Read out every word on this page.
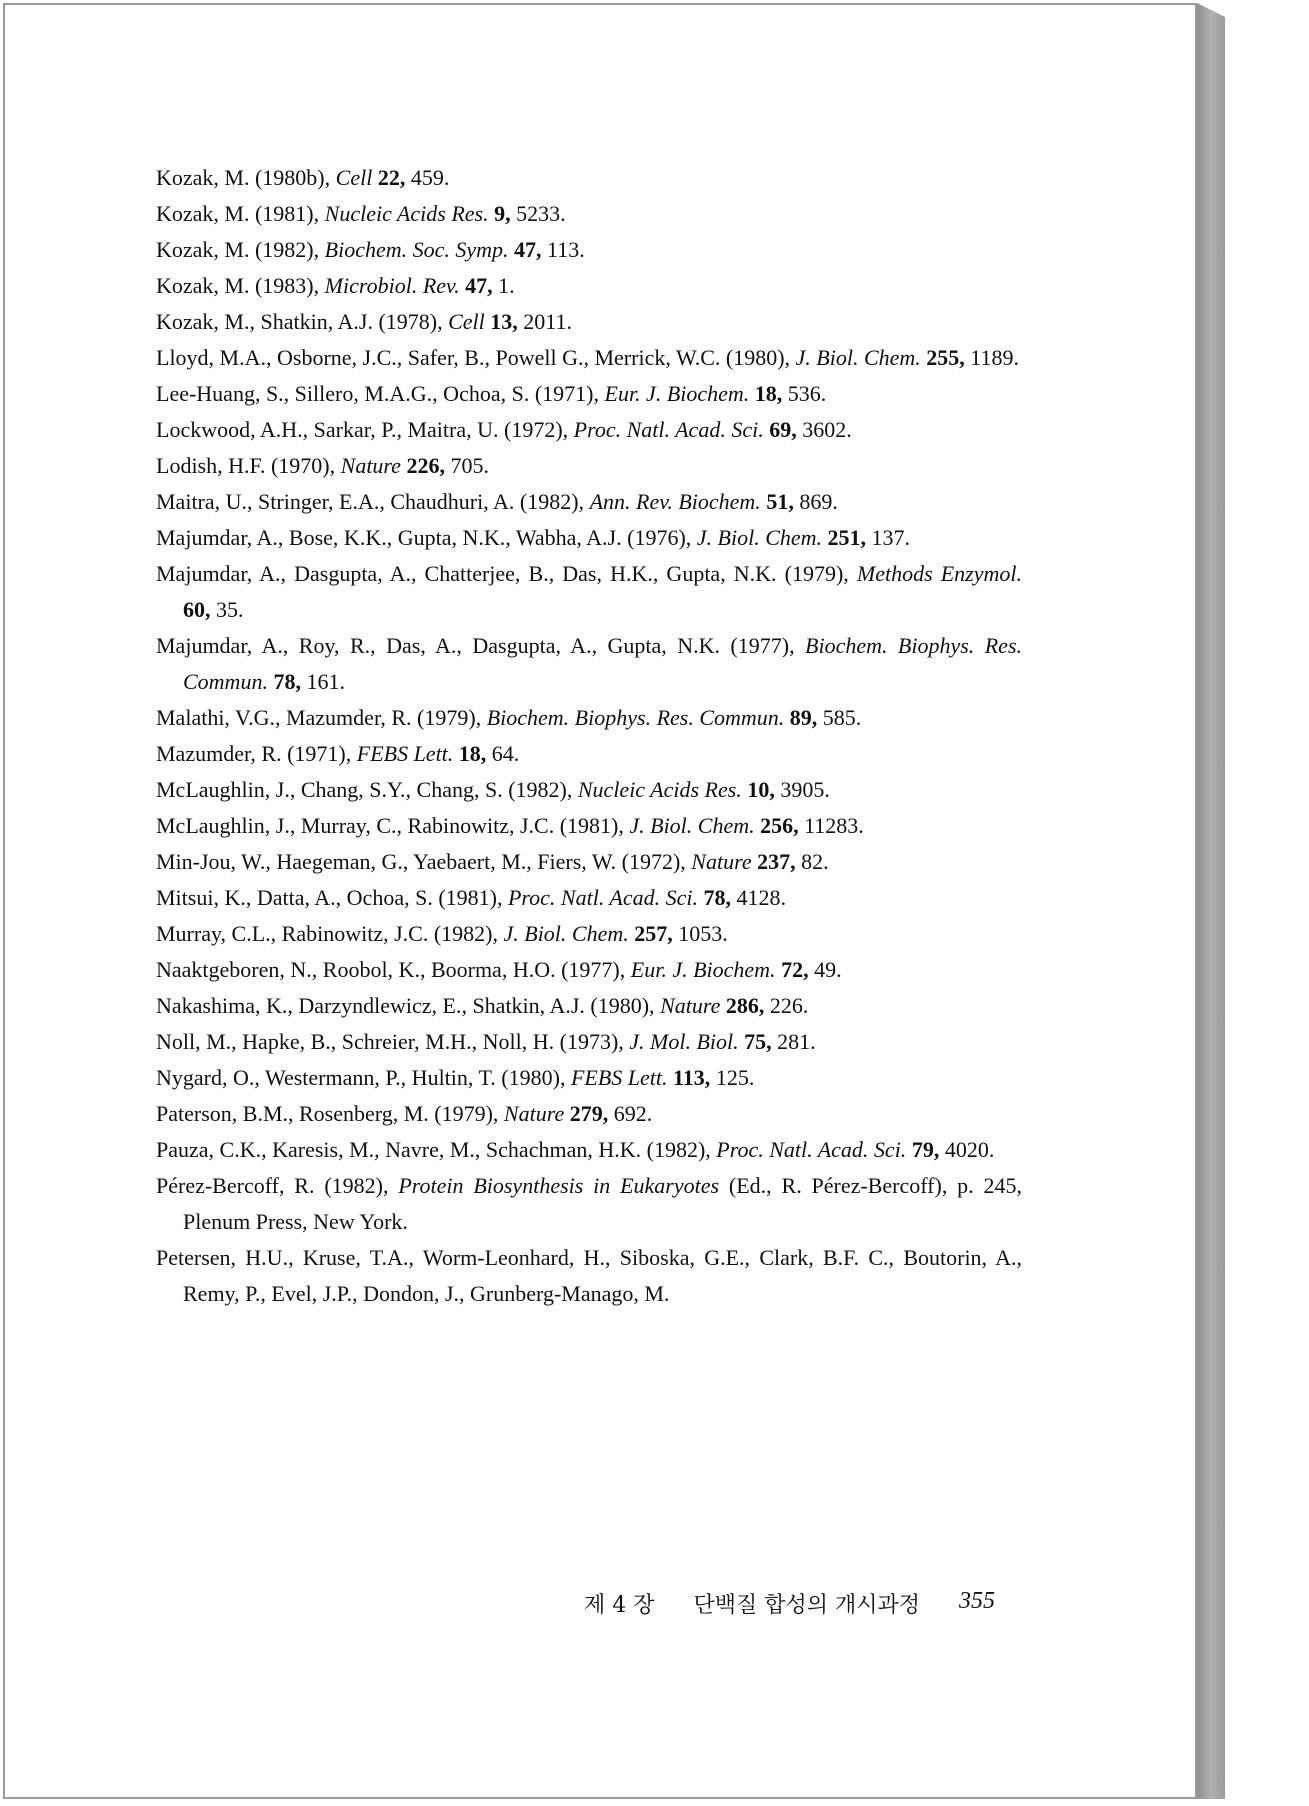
Kozak, M. (1980b), Cell 22, 459.

Kozak, M. (1981), Nucleic Acids Res. 9, 5233.

Kozak, M. (1982), Biochem. Soc. Symp. 47, 113.

Kozak, M. (1983), Microbiol. Rev. 47, 1.

Kozak, M., Shatkin, A.J. (1978), Cell 13, 2011.

Lloyd, M.A., Osborne, J.C., Safer, B., Powell G., Merrick, W.C. (1980), J. Biol. Chem. 255, 1189.

Lee-Huang, S., Sillero, M.A.G., Ochoa, S. (1971), Eur. J. Biochem. 18, 536.

Lockwood, A.H., Sarkar, P., Maitra, U. (1972), Proc. Natl. Acad. Sci. 69, 3602.

Lodish, H.F. (1970), Nature 226, 705.

Maitra, U., Stringer, E.A., Chaudhuri, A. (1982), Ann. Rev. Biochem. 51, 869.

Majumdar, A., Bose, K.K., Gupta, N.K., Wabha, A.J. (1976), J. Biol. Chem. 251, 137.

Majumdar, A., Dasgupta, A., Chatterjee, B., Das, H.K., Gupta, N.K. (1979), Methods Enzymol. 60, 35.

Majumdar, A., Roy, R., Das, A., Dasgupta, A., Gupta, N.K. (1977), Biochem. Biophys. Res. Commun. 78, 161.

Malathi, V.G., Mazumder, R. (1979), Biochem. Biophys. Res. Commun. 89, 585.

Mazumder, R. (1971), FEBS Lett. 18, 64.

McLaughlin, J., Chang, S.Y., Chang, S. (1982), Nucleic Acids Res. 10, 3905.

McLaughlin, J., Murray, C., Rabinowitz, J.C. (1981), J. Biol. Chem. 256, 11283.

Min-Jou, W., Haegeman, G., Yaebaert, M., Fiers, W. (1972), Nature 237, 82.

Mitsui, K., Datta, A., Ochoa, S. (1981), Proc. Natl. Acad. Sci. 78, 4128.

Murray, C.L., Rabinowitz, J.C. (1982), J. Biol. Chem. 257, 1053.

Naaktgeboren, N., Roobol, K., Boorma, H.O. (1977), Eur. J. Biochem. 72, 49.

Nakashima, K., Darzyndlewicz, E., Shatkin, A.J. (1980), Nature 286, 226.

Noll, M., Hapke, B., Schreier, M.H., Noll, H. (1973), J. Mol. Biol. 75, 281.

Nygard, O., Westermann, P., Hultin, T. (1980), FEBS Lett. 113, 125.

Paterson, B.M., Rosenberg, M. (1979), Nature 279, 692.

Pauza, C.K., Karesis, M., Navre, M., Schachman, H.K. (1982), Proc. Natl. Acad. Sci. 79, 4020.

Pérez-Bercoff, R. (1982), Protein Biosynthesis in Eukaryotes (Ed., R. Pérez-Bercoff), p. 245, Plenum Press, New York.

Petersen, H.U., Kruse, T.A., Worm-Leonhard, H., Siboska, G.E., Clark, B.F. C., Boutorin, A., Remy, P., Evel, J.P., Dondon, J., Grunberg-Manago, M.

제 4 장 단백질 합성의 개시과정 355
